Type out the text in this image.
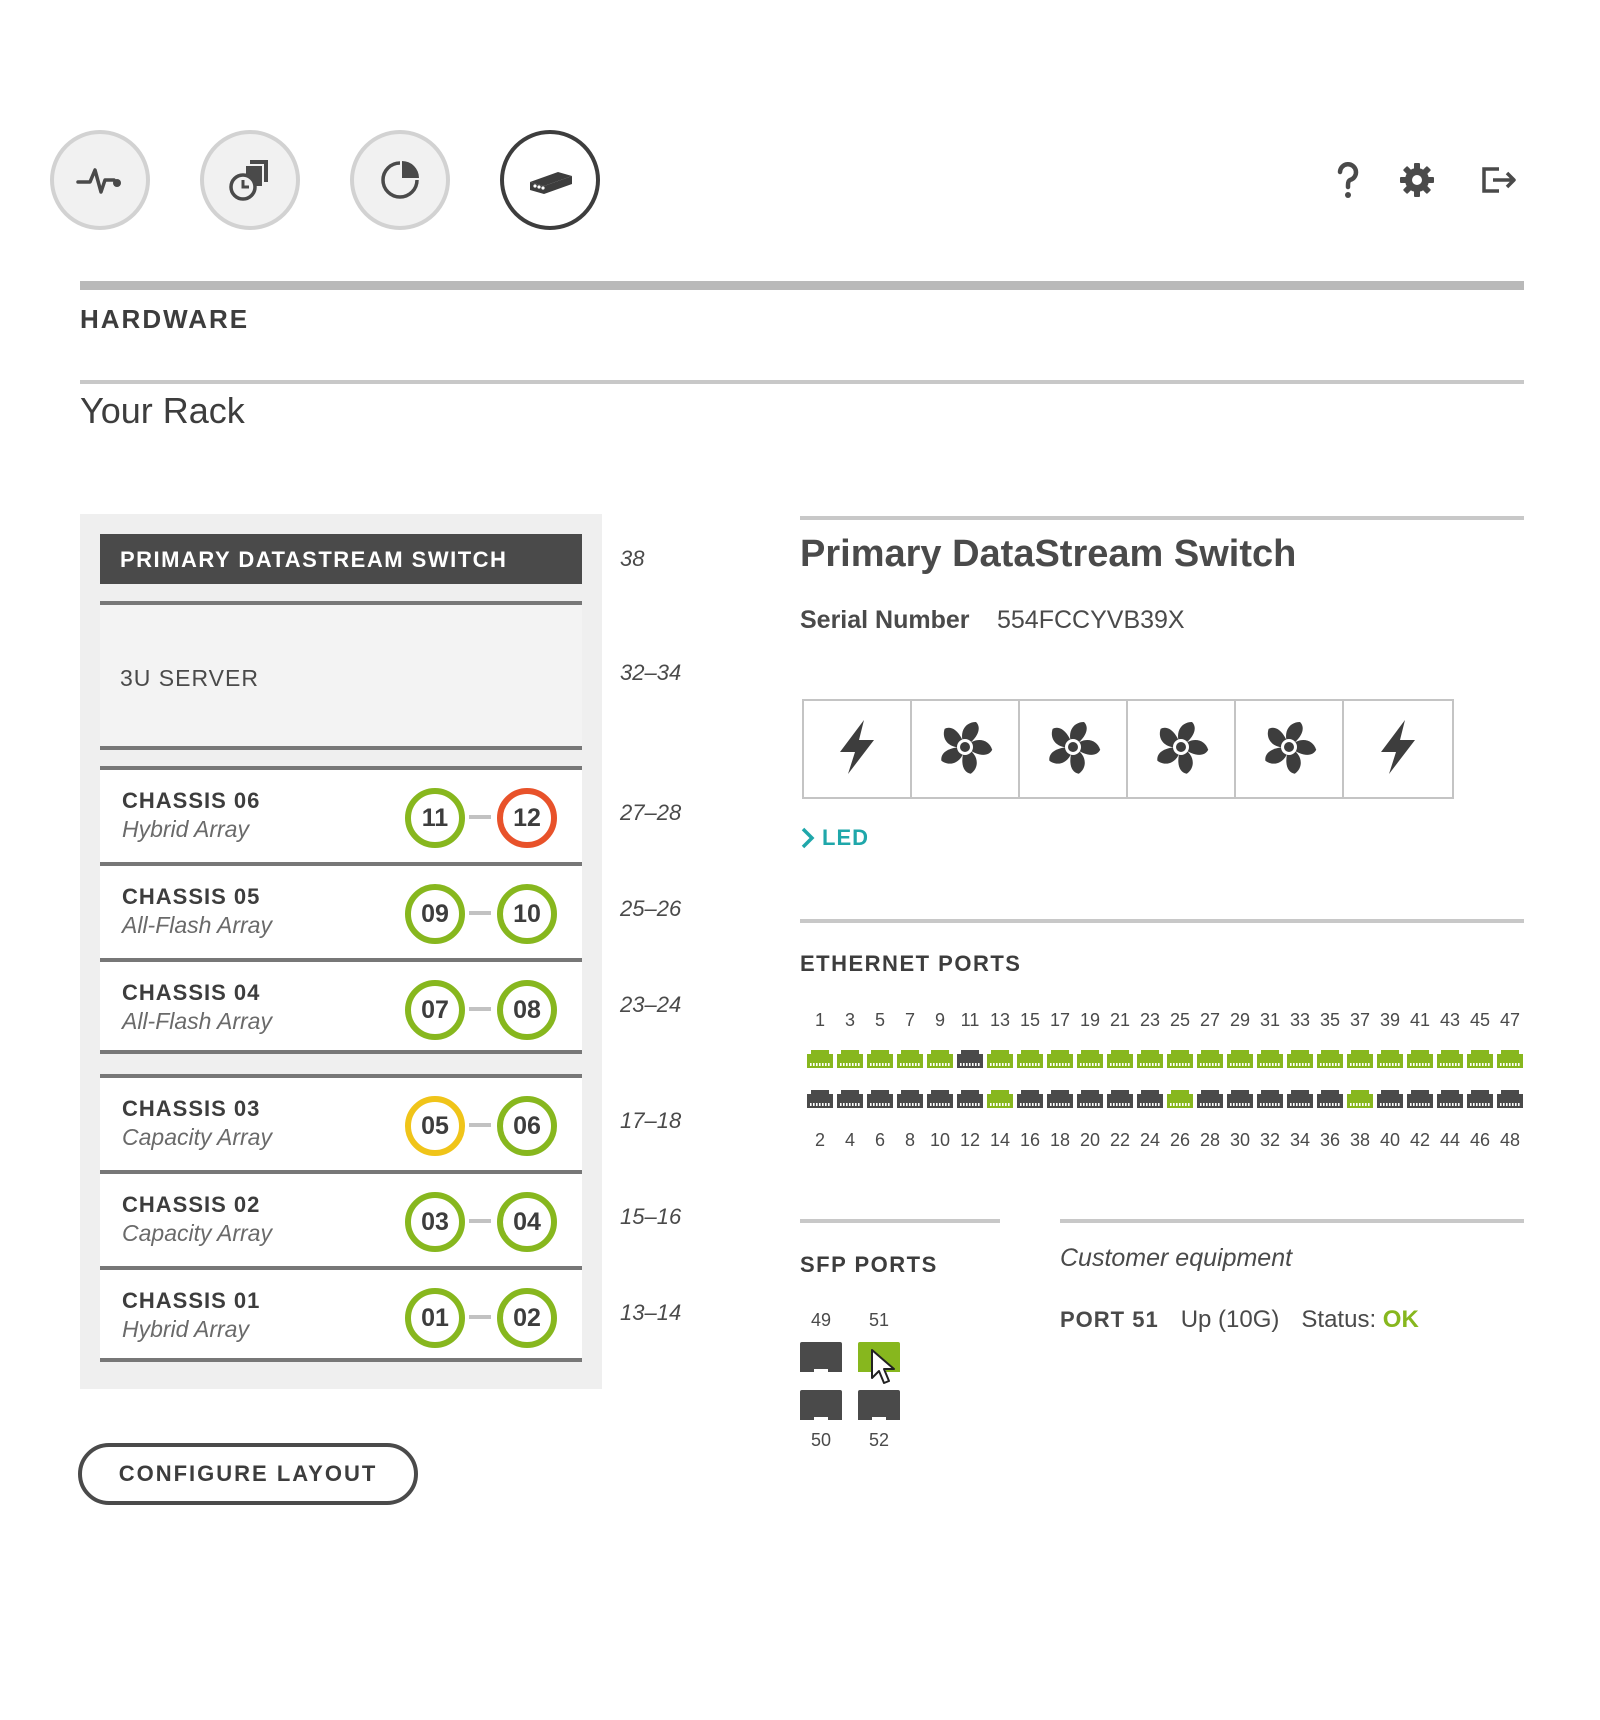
HARDWARE
Your Rack
PRIMARY DATASTREAM SWITCH	38
3U SERVER	32–34
CHASSIS 06
Hybrid Array	11	12	27–28
CHASSIS 05
All-Flash Array	09	10	25–26
CHASSIS 04
All-Flash Array	07	08	23–24
CHASSIS 03
Capacity Array	05	06	17–18
CHASSIS 02
Capacity Array	03	04	15–16
CHASSIS 01
Hybrid Array	01	02	13–14
CONFIGURE LAYOUT
Primary DataStream Switch
Serial Number 554FCCYVB39X
LED
ETHERNET PORTS
1	3	5	7	9 11 13 15 17 19 21 23 25 27 29 31 33 35 37 39 41 43 45 47
2	4	6	8 10 12 14 16 18 20 22 24 26 28 30 32 34 36 38 40 42 44 46 48
SFP PORTS
49	51
50	52
Customer equipment
PORT 51 Up (10G) Status: OK
